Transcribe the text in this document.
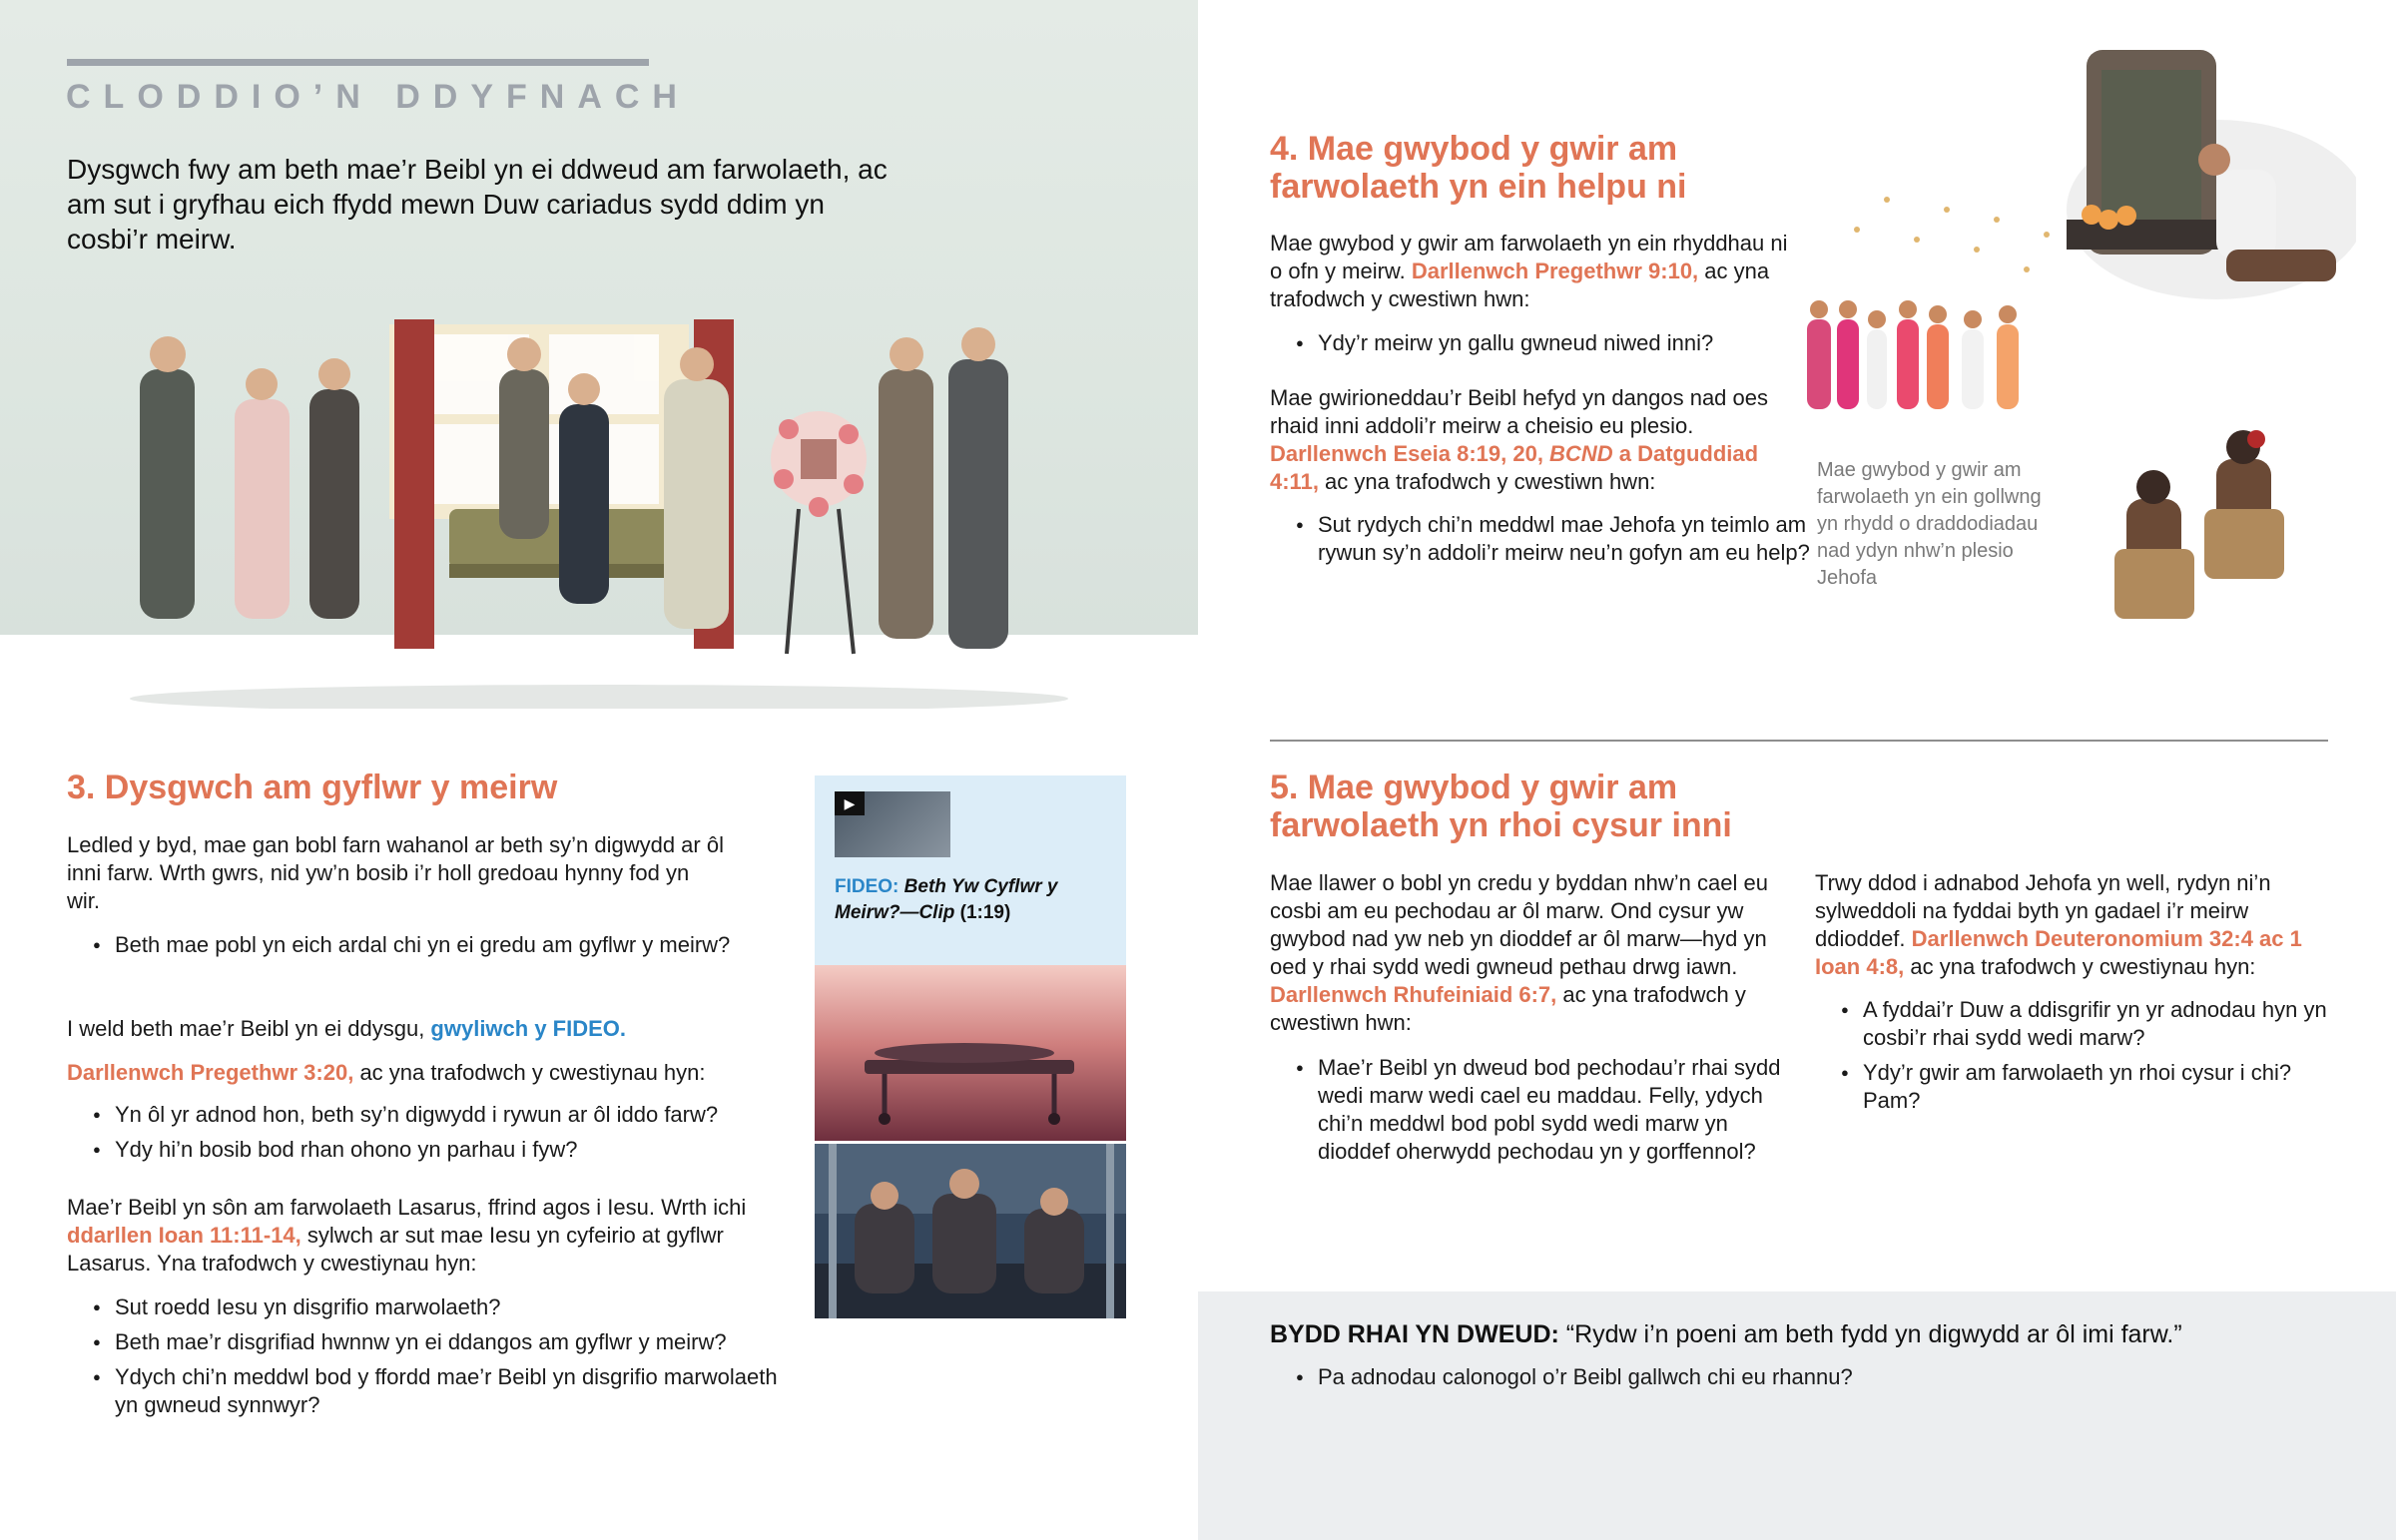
CLODDIO’N DDYFNACH
Dysgwch fwy am beth mae’r Beibl yn ei ddweud am farwolaeth, ac am sut i gryfhau eich ffydd mewn Duw cariadus sydd ddim yn cosbi’r meirw.
3. Dysgwch am gyflwr y meirw
Ledled y byd, mae gan bobl farn wahanol ar beth sy’n digwydd ar ôl inni farw. Wrth gwrs, nid yw’n bosib i’r holl gredoau hynny fod yn wir.
● Beth mae pobl yn eich ardal chi yn ei gredu am gyflwr y meirw?
I weld beth mae’r Beibl yn ei ddysgu, gwyliwch y FIDEO.
Darllenwch Pregethwr 3:20, ac yna trafodwch y cwestiynau hyn:
● Yn ôl yr adnod hon, beth sy’n digwydd i rywun ar ôl iddo farw?
● Ydy hi’n bosib bod rhan ohono yn parhau i fyw?
Mae’r Beibl yn sôn am farwolaeth Lasarus, ffrind agos i Iesu. Wrth ichi ddarllen Ioan 11:11-14, sylwch ar sut mae Iesu yn cyfeirio at gyflwr Lasarus. Yna trafodwch y cwestiynau hyn:
● Sut roedd Iesu yn disgrifio marwolaeth?
● Beth mae’r disgrifiad hwnnw yn ei ddangos am gyflwr y meirw?
● Ydych chi’n meddwl bod y ffordd mae’r Beibl yn disgrifio marwolaeth yn gwneud synnwyr?
▶
FIDEO: Beth Yw Cyflwr y Meirw?—Clip (1:19)
4. Mae gwybod y gwir am farwolaeth yn ein helpu ni
Mae gwybod y gwir am farwolaeth yn ein rhyddhau ni o ofn y meirw. Darllenwch Pregethwr 9:10, ac yna trafodwch y cwestiwn hwn:
● Ydy’r meirw yn gallu gwneud niwed inni?
Mae gwirioneddau’r Beibl hefyd yn dangos nad oes rhaid inni addoli’r meirw a cheisio eu plesio. Darllenwch Eseia 8:19, 20, BCND a Datguddiad 4:11, ac yna trafodwch y cwestiwn hwn:
● Sut rydych chi’n meddwl mae Jehofa yn teimlo am rywun sy’n addoli’r meirw neu’n gofyn am eu help?
Mae gwybod y gwir am farwolaeth yn ein gollwng yn rhydd o draddodiadau nad ydyn nhw’n plesio Jehofa
5. Mae gwybod y gwir am farwolaeth yn rhoi cysur inni
Mae llawer o bobl yn credu y byddan nhw’n cael eu cosbi am eu pechodau ar ôl marw. Ond cysur yw gwybod nad yw neb yn dioddef ar ôl marw—hyd yn oed y rhai sydd wedi gwneud pethau drwg iawn. Darllenwch Rhufeiniaid 6:7, ac yna trafodwch y cwestiwn hwn:
● Mae’r Beibl yn dweud bod pechodau’r rhai sydd wedi marw wedi cael eu maddau. Felly, ydych chi’n meddwl bod pobl sydd wedi marw yn dioddef oherwydd pechodau yn y gorffennol?
Trwy ddod i adnabod Jehofa yn well, rydyn ni’n sylweddoli na fyddai byth yn gadael i’r meirw ddioddef. Darllenwch Deuteronomium 32:4 ac 1 Ioan 4:8, ac yna trafodwch y cwestiynau hyn:
● A fyddai’r Duw a ddisgrifir yn yr adnodau hyn yn cosbi’r rhai sydd wedi marw?
● Ydy’r gwir am farwolaeth yn rhoi cysur i chi? Pam?
BYDD RHAI YN DWEUD: “Rydw i’n poeni am beth fydd yn digwydd ar ôl imi farw.”
● Pa adnodau calonogol o’r Beibl gallwch chi eu rhannu?
